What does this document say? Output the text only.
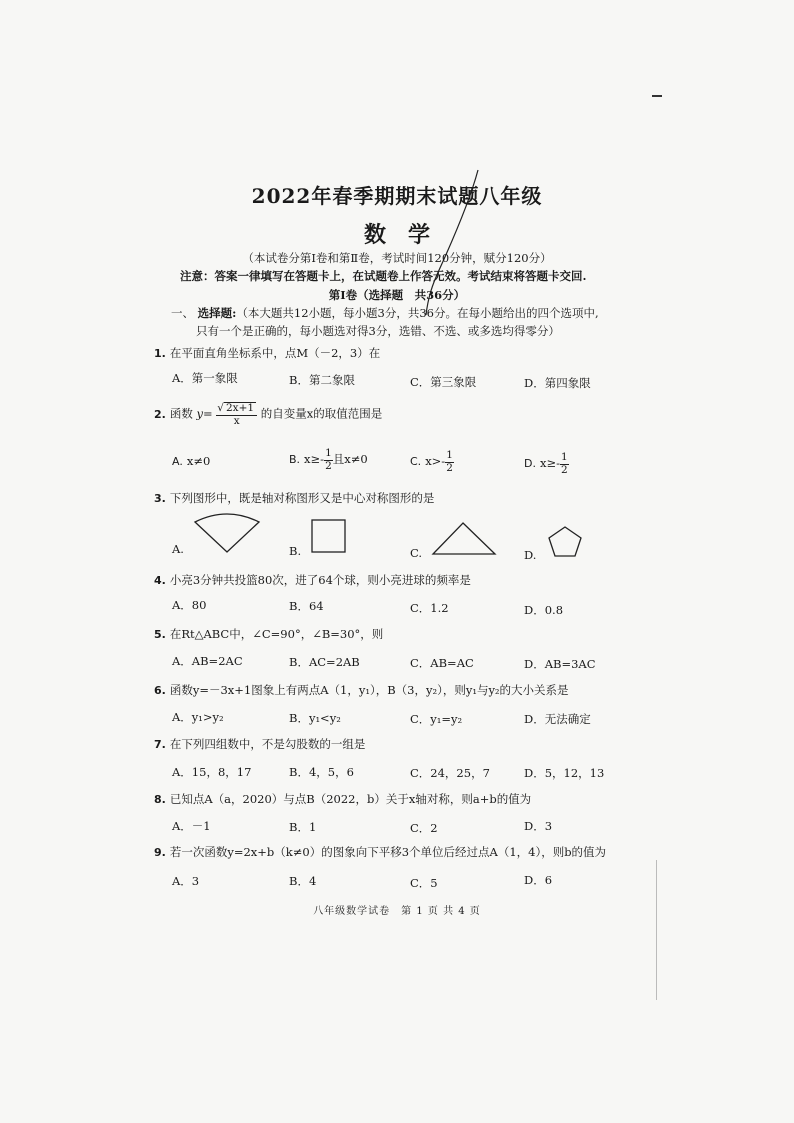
2022年春季期期末试题八年级
数学
（本试卷分第Ⅰ卷和第Ⅱ卷，考试时间120分钟，赋分120分）
注意：答案一律填写在答题卡上，在试题卷上作答无效。考试结束将答题卡交回.
第Ⅰ卷（选择题　共36分）
一、 选择题:（本大题共12小题，每小题3分，共36分。在每小题给出的四个选项中,
只有一个是正确的，每小题选对得3分，选错、不选、或多选均得零分）
1. 在平面直角坐标系中，点M（－2，3）在
A．第一象限	B．第二象限	C．第三象限	D．第四象限
2. 函数 $y= \frac{√ 2x+1}{x}$ 的自变量x的取值范围是
A. x≠0	B. $x\ge- \frac{1}{2}$ 且x≠0	C. $x>- \frac{1}{2}$	D. $x\ge- \frac{1}{2}$
3. 下列图形中，既是轴对称图形又是中心对称图形的是
A.	B.	C.	D.
4. 小亮3分钟共投篮80次，进了64个球，则小亮进球的频率是
A．80	B．64	C．1.2	D．0.8
5. 在Rt△ABC中，∠C=90°，∠B=30°，则
A．AB=2AC	B．AC=2AB	C．AB=AC	D．AB=3AC
6. 函数y=－3x+1图象上有两点A（1，y₁），B（3，y₂），则y₁与y₂的大小关系是
A．y₁>y₂	B．y₁<y₂	C．y₁=y₂	D．无法确定
7. 在下列四组数中，不是勾股数的一组是
A．15，8，17	B．4，5，6	C．24，25，7	D．5，12，13
8. 已知点A（a，2020）与点B（2022，b）关于x轴对称，则a+b的值为
A．－1	B．1	C．2	D．3
9. 若一次函数y=2x+b（k≠0）的图象向下平移3个单位后经过点A（1，4），则b的值为
A．3	B．4	C．5	D．6
八年级数学试卷　第 1 页 共 4 页
